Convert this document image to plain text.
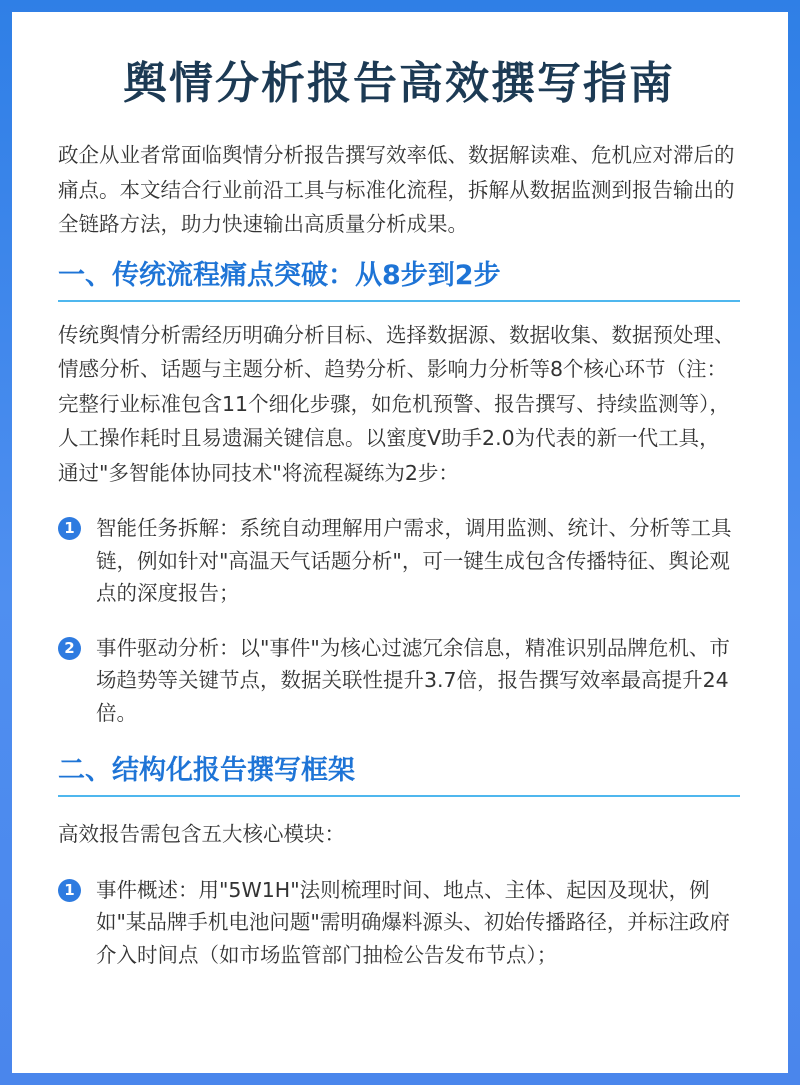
舆情分析报告高效撰写指南

政企从业者常面临舆情分析报告撰写效率低、数据解读难、危机应对滞后的痛点。本文结合行业前沿工具与标准化流程，拆解从数据监测到报告输出的全链路方法，助力快速输出高质量分析成果。

一、传统流程痛点突破：从8步到2步

传统舆情分析需经历明确分析目标、选择数据源、数据收集、数据预处理、情感分析、话题与主题分析、趋势分析、影响力分析等8个核心环节（注：完整行业标准包含11个细化步骤，如危机预警、报告撰写、持续监测等），人工操作耗时且易遗漏关键信息。以蜜度V助手2.0为代表的新一代工具，通过"多智能体协同技术"将流程凝练为2步：

1	智能任务拆解：系统自动理解用户需求，调用监测、统计、分析等工具链，例如针对"高温天气话题分析"，可一键生成包含传播特征、舆论观点的深度报告；
2	事件驱动分析：以"事件"为核心过滤冗余信息，精准识别品牌危机、市场趋势等关键节点，数据关联性提升3.7倍，报告撰写效率最高提升24倍。
二、结构化报告撰写框架

高效报告需包含五大核心模块：

1	事件概述：用"5W1H"法则梳理时间、地点、主体、起因及现状，例如"某品牌手机电池问题"需明确爆料源头、初始传播路径，并标注政府介入时间点（如市场监管部门抽检公告发布节点）；
